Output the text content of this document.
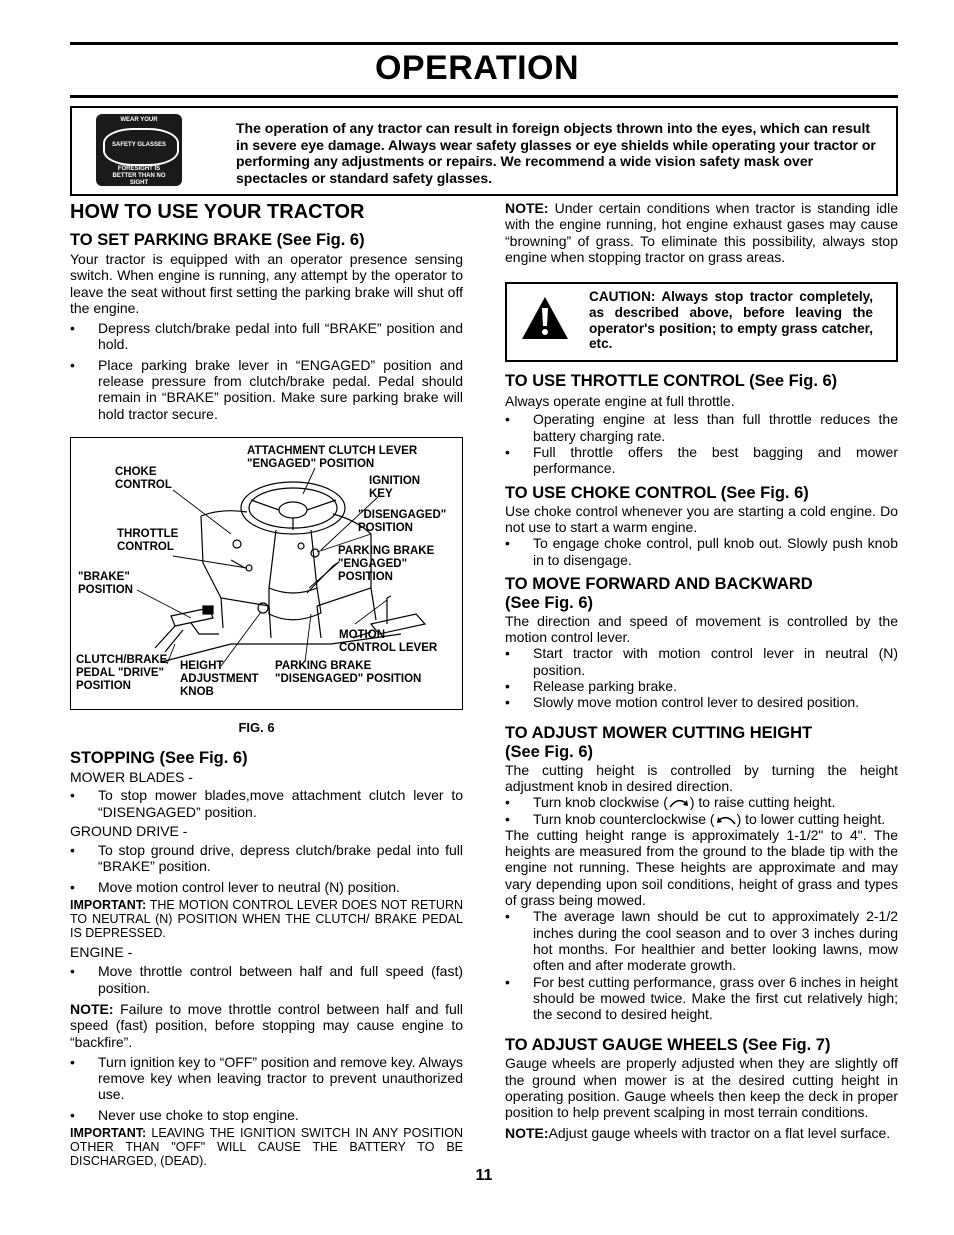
OPERATION
WEAR YOUR
SAFETY GLASSES
FORESIGHT IS BETTER THAN NO SIGHT
The operation of any tractor can result in foreign objects thrown into the eyes, which can result in severe eye damage. Always wear safety glasses or eye shields while operating your tractor or performing any adjustments or repairs. We recommend a wide vision safety mask over spectacles or standard safety glasses.
HOW TO USE YOUR TRACTOR
TO SET PARKING BRAKE (See Fig. 6)

Your tractor is equipped with an operator presence sensing switch. When engine is running, any attempt by the operator to leave the seat without first setting the parking brake will shut off the engine.

• Depress clutch/brake pedal into full “BRAKE” position and hold.
• Place parking brake lever in “ENGAGED” position and release pressure from clutch/brake pedal. Pedal should remain in “BRAKE” position. Make sure parking brake will hold tractor secure.
ATTACHMENT CLUTCH LEVER
"ENGAGED" POSITION
CHOKE
CONTROL	IGNITION
KEY
"DISENGAGED"
POSITION
THROTTLE
CONTROL	PARKING BRAKE
"ENGAGED"
POSITION
"BRAKE"
POSITION
MOTION
CONTROL LEVER
CLUTCH/BRAKE
PEDAL "DRIVE"
POSITION
HEIGHT
ADJUSTMENT
KNOB
PARKING BRAKE
"DISENGAGED" POSITION
FIG. 6
STOPPING (See Fig. 6)
MOWER BLADES -
• To stop mower blades,move attachment clutch lever to “DISENGAGED” position.
GROUND DRIVE -
• To stop ground drive, depress clutch/brake pedal into full “BRAKE” position.
• Move motion control lever to neutral (N) position.

IMPORTANT: THE MOTION CONTROL LEVER DOES NOT RETURN TO NEUTRAL (N) POSITION WHEN THE CLUTCH/ BRAKE PEDAL IS DEPRESSED.

ENGINE -
• Move throttle control between half and full speed (fast) position.

NOTE: Failure to move throttle control between half and full speed (fast) position, before stopping may cause engine to “backfire”.

• Turn ignition key to “OFF” position and remove key. Always remove key when leaving tractor to prevent unauthorized use.
• Never use choke to stop engine.

IMPORTANT: LEAVING THE IGNITION SWITCH IN ANY POSITION OTHER THAN "OFF" WILL CAUSE THE BATTERY TO BE DISCHARGED, (DEAD).

NOTE: Under certain conditions when tractor is standing idle with the engine running, hot engine exhaust gases may cause “browning” of grass. To eliminate this possibility, always stop engine when stopping tractor on grass areas.

CAUTION: Always stop tractor completely, as described above, before leaving the operator's position; to empty grass catcher, etc.
TO USE THROTTLE CONTROL (See Fig. 6)
Always operate engine at full throttle.
• Operating engine at less than full throttle reduces the battery charging rate.
• Full throttle offers the best bagging and mower performance.
TO USE CHOKE CONTROL (See Fig. 6)

Use choke control whenever you are starting a cold engine. Do not use to start a warm engine.

• To engage choke control, pull knob out. Slowly push knob in to disengage.
TO MOVE FORWARD AND BACKWARD
(See Fig. 6)

The direction and speed of movement is controlled by the motion control lever.

• Start tractor with motion control lever in neutral (N) position.
• Release parking brake.
• Slowly move motion control lever to desired position.
TO ADJUST MOWER CUTTING HEIGHT
(See Fig. 6)

The cutting height is controlled by turning the height adjustment knob in desired direction.

• Turn knob clockwise ( ) to raise cutting height.
• Turn knob counterclockwise ( ) to lower cutting height.

The cutting height range is approximately 1-1/2" to 4". The heights are measured from the ground to the blade tip with the engine not running. These heights are approximate and may vary depending upon soil conditions, height of grass and types of grass being mowed.

• The average lawn should be cut to approximately 2-1/2 inches during the cool season and to over 3 inches during hot months. For healthier and better looking lawns, mow often and after moderate growth.
• For best cutting performance, grass over 6 inches in height should be mowed twice. Make the first cut relatively high; the second to desired height.
TO ADJUST GAUGE WHEELS (See Fig. 7)

Gauge wheels are properly adjusted when they are slightly off the ground when mower is at the desired cutting height in operating position. Gauge wheels then keep the deck in proper position to help prevent scalping in most terrain conditions.

NOTE:Adjust gauge wheels with tractor on a flat level surface.

11
